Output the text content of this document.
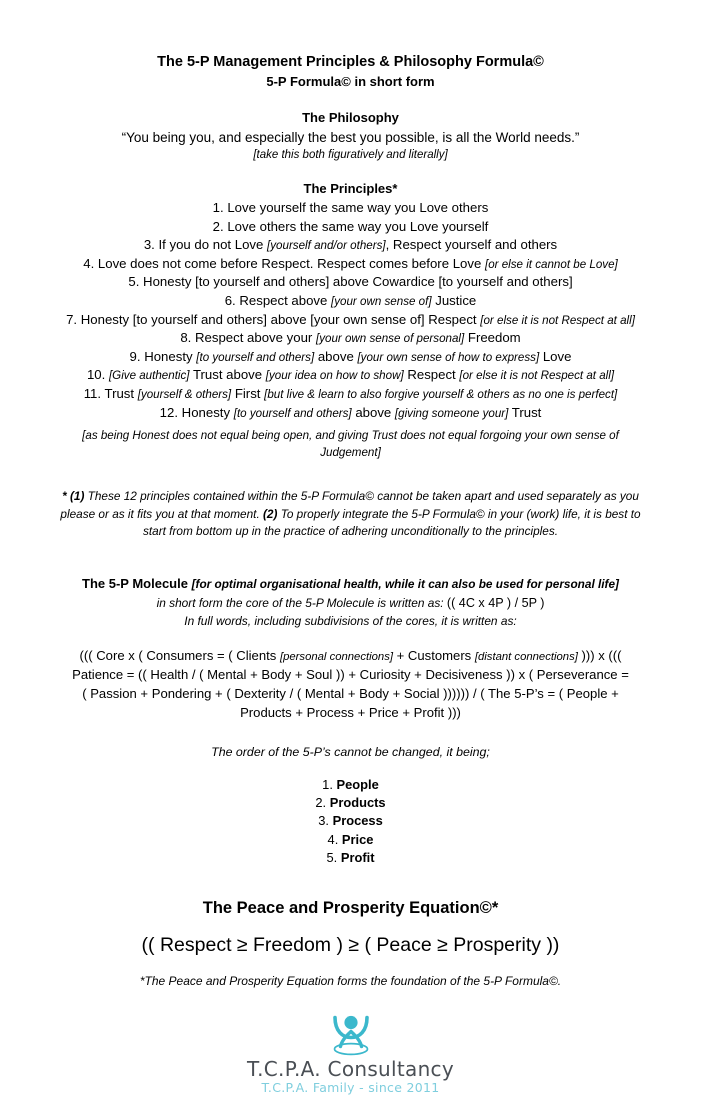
The 5-P Management Principles & Philosophy Formula©
5-P Formula© in short form
The Philosophy
“You being you, and especially the best you possible, is all the World needs.”
[take this both figuratively and literally]
The Principles*
1. Love yourself the same way you Love others
2. Love others the same way you Love yourself
3. If you do not Love [yourself and/or others], Respect yourself and others
4. Love does not come before Respect. Respect comes before Love [or else it cannot be Love]
5. Honesty [to yourself and others] above Cowardice [to yourself and others]
6. Respect above [your own sense of] Justice
7. Honesty [to yourself and others] above [your own sense of] Respect [or else it is not Respect at all]
8. Respect above your [your own sense of personal] Freedom
9. Honesty [to yourself and others] above [your own sense of how to express] Love
10. [Give authentic] Trust above [your idea on how to show] Respect [or else it is not Respect at all]
11. Trust [yourself & others] First [but live & learn to also forgive yourself & others as no one is perfect]
12. Honesty [to yourself and others] above [giving someone your] Trust
[as being Honest does not equal being open, and giving Trust does not equal forgoing your own sense of Judgement]
* (1) These 12 principles contained within the 5-P Formula© cannot be taken apart and used separately as you please or as it fits you at that moment. (2) To properly integrate the 5-P Formula© in your (work) life, it is best to start from bottom up in the practice of adhering unconditionally to the principles.
The 5-P Molecule [for optimal organisational health, while it can also be used for personal life]
in short form the core of the 5-P Molecule is written as: (( 4C x 4P ) / 5P )
In full words, including subdivisions of the cores, it is written as:
((( Core x ( Consumers = ( Clients [personal connections] + Customers [distant connections] ))) x ((( Patience = (( Health / ( Mental + Body + Soul )) + Curiosity + Decisiveness )) x ( Perseverance = ( Passion + Pondering + ( Dexterity / ( Mental + Body + Social )))))) / ( The 5-P’s = ( People + Products + Process + Price + Profit )))
The order of the 5-P’s cannot be changed, it being;
1. People
2. Products
3. Process
4. Price
5. Profit
The Peace and Prosperity Equation©*
(( Respect ≥ Freedom ) ≥ ( Peace ≥ Prosperity ))
*The Peace and Prosperity Equation forms the foundation of the 5-P Formula©.
T.C.P.A. Consultancy
T.C.P.A. Family - since 2011
